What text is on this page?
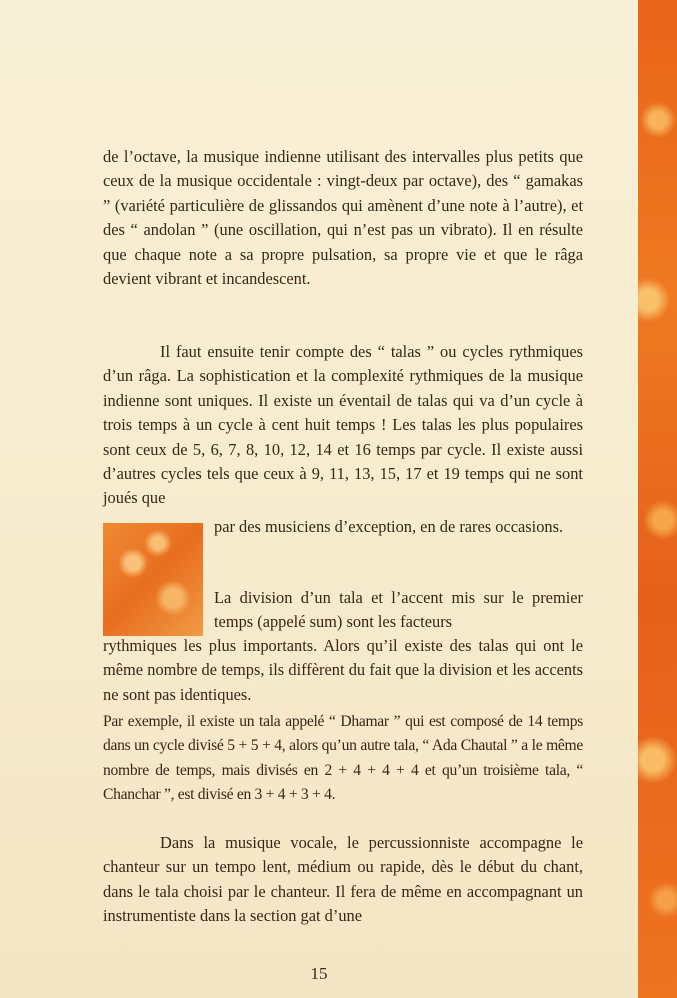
de l’octave, la musique indienne utilisant des intervalles plus petits que ceux de la musique occidentale : vingt-deux par octave), des “ gamakas ” (variété particulière de glissandos qui amènent d’une note à l’autre), et des “ andolan ” (une oscillation, qui n’est pas un vibrato). Il en résulte que chaque note a sa propre pulsation, sa propre vie et que le râga devient vibrant et incandescent.

Il faut ensuite tenir compte des “ talas ” ou cycles rythmiques d’un râga. La sophistication et la complexité rythmiques de la musique indienne sont uniques. Il existe un éventail de talas qui va d’un cycle à trois temps à un cycle à cent huit temps ! Les talas les plus populaires sont ceux de 5, 6, 7, 8, 10, 12, 14 et 16 temps par cycle. Il existe aussi d’autres cycles tels que ceux à 9, 11, 13, 15, 17 et 19 temps qui ne sont joués que

par des musiciens d’exception, en de rares occasions.

La division d’un tala et l’accent mis sur le premier temps (appelé sum) sont les facteurs

rythmiques les plus importants. Alors qu’il existe des talas qui ont le même nombre de temps, ils diffèrent du fait que la division et les accents ne sont pas identiques.

Par exemple, il existe un tala appelé “ Dhamar ” qui est composé de 14 temps dans un cycle divisé 5 + 5 + 4, alors qu’un autre tala, “ Ada Chautal ” a le même nombre de temps, mais divisés en 2 + 4 + 4 + 4 et qu’un troisième tala, “ Chanchar ”, est divisé en 3 + 4 + 3 + 4.

Dans la musique vocale, le percussionniste accompagne le chanteur sur un tempo lent, médium ou rapide, dès le début du chant, dans le tala choisi par le chanteur. Il fera de même en accompagnant un instrumentiste dans la section gat d’une

15
